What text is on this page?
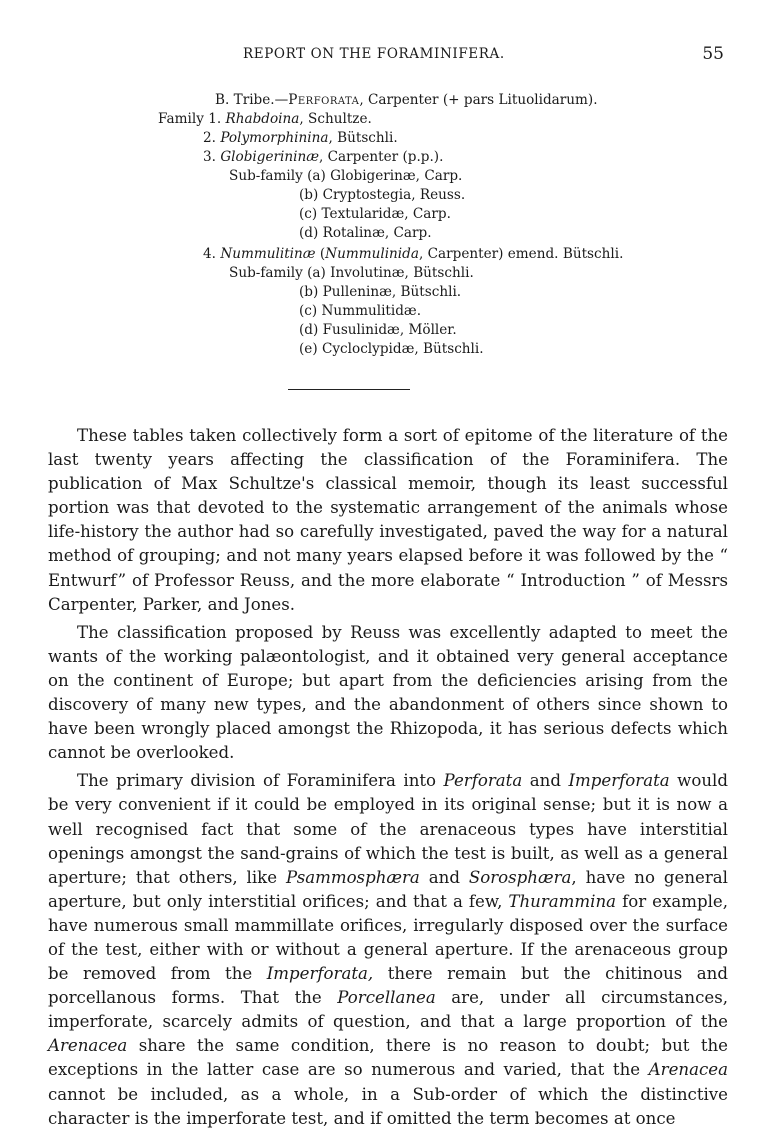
REPORT ON THE FORAMINIFERA.	55
B. Tribe.—Perforata, Carpenter (+ pars Lituolidarum).
Family 1. Rhabdoina, Schultze.
2. Polymorphinina, Bütschli.
3. Globigerininæ, Carpenter (p.p.).
Sub-family (a) Globigerinæ, Carp.
(b) Cryptostegia, Reuss.
(c) Textularidæ, Carp.
(d) Rotalinæ, Carp.
4. Nummulitinæ (Nummulinida, Carpenter) emend. Bütschli.
Sub-family (a) Involutinæ, Bütschli.
(b) Pulleninæ, Bütschli.
(c) Nummulitidæ.
(d) Fusulinidæ, Möller.
(e) Cycloclypidæ, Bütschli.

These tables taken collectively form a sort of epitome of the literature of the last twenty years affecting the classification of the Foraminifera. The publication of Max Schultze's classical memoir, though its least successful portion was that devoted to the systematic arrangement of the animals whose life-history the author had so carefully investigated, paved the way for a natural method of grouping; and not many years elapsed before it was followed by the “ Entwurf” of Professor Reuss, and the more elaborate “ Introduction ” of Messrs Carpenter, Parker, and Jones.

The classification proposed by Reuss was excellently adapted to meet the wants of the working palæontologist, and it obtained very general acceptance on the continent of Europe; but apart from the deficiencies arising from the discovery of many new types, and the abandonment of others since shown to have been wrongly placed amongst the Rhizopoda, it has serious defects which cannot be overlooked.

The primary division of Foraminifera into Perforata and Imperforata would be very convenient if it could be employed in its original sense; but it is now a well recognised fact that some of the arenaceous types have interstitial openings amongst the sand-grains of which the test is built, as well as a general aperture; that others, like Psammosphæra and Sorosphæra, have no general aperture, but only interstitial orifices; and that a few, Thurammina for example, have numerous small mammillate orifices, irregularly disposed over the surface of the test, either with or without a general aperture. If the arenaceous group be removed from the Imperforata, there remain but the chitinous and porcellanous forms. That the Porcellanea are, under all circumstances, imperforate, scarcely admits of question, and that a large proportion of the Arenacea share the same condition, there is no reason to doubt; but the exceptions in the latter case are so numerous and varied, that the Arenacea cannot be included, as a whole, in a Sub-order of which the distinctive character is the imperforate test, and if omitted the term becomes at once
